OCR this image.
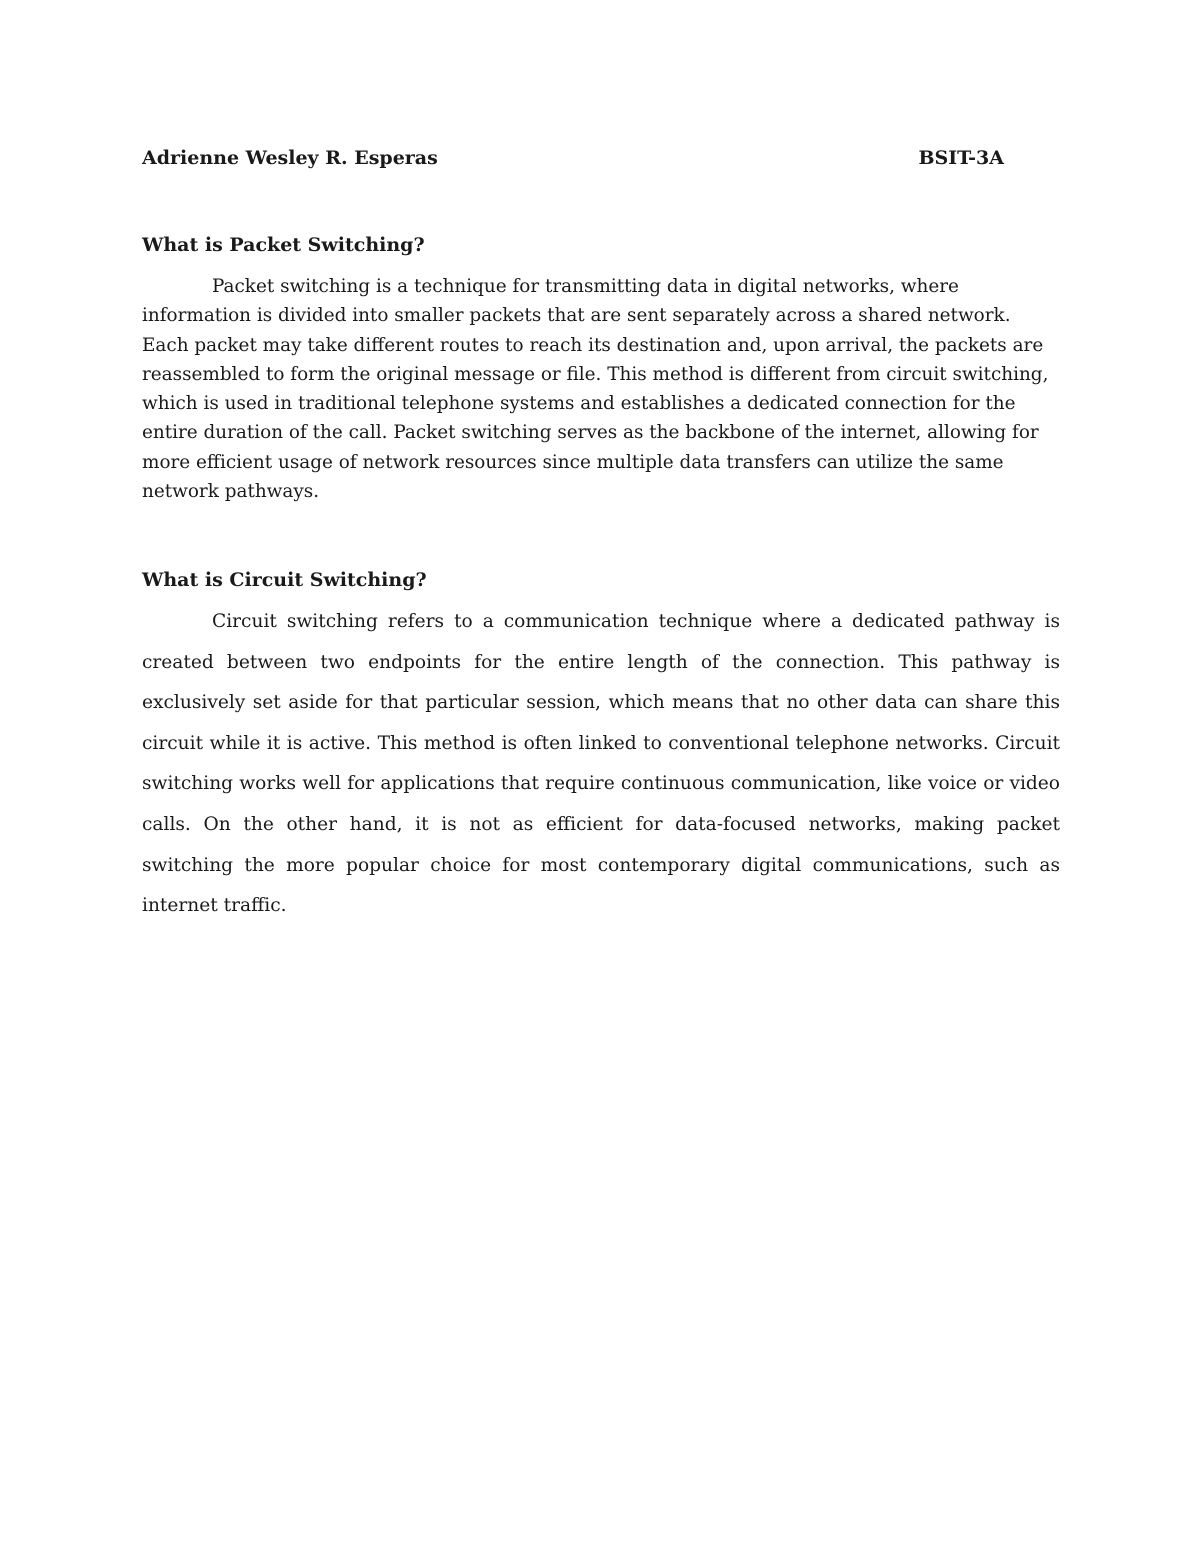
Adrienne Wesley R. Esperas	BSIT-3A
What is Packet Switching?

Packet switching is a technique for transmitting data in digital networks, where information is divided into smaller packets that are sent separately across a shared network. Each packet may take different routes to reach its destination and, upon arrival, the packets are reassembled to form the original message or file. This method is different from circuit switching, which is used in traditional telephone systems and establishes a dedicated connection for the entire duration of the call. Packet switching serves as the backbone of the internet, allowing for more efficient usage of network resources since multiple data transfers can utilize the same network pathways.

What is Circuit Switching?

Circuit switching refers to a communication technique where a dedicated pathway is created between two endpoints for the entire length of the connection. This pathway is exclusively set aside for that particular session, which means that no other data can share this circuit while it is active. This method is often linked to conventional telephone networks. Circuit switching works well for applications that require continuous communication, like voice or video calls. On the other hand, it is not as efficient for data-focused networks, making packet switching the more popular choice for most contemporary digital communications, such as internet traffic.
